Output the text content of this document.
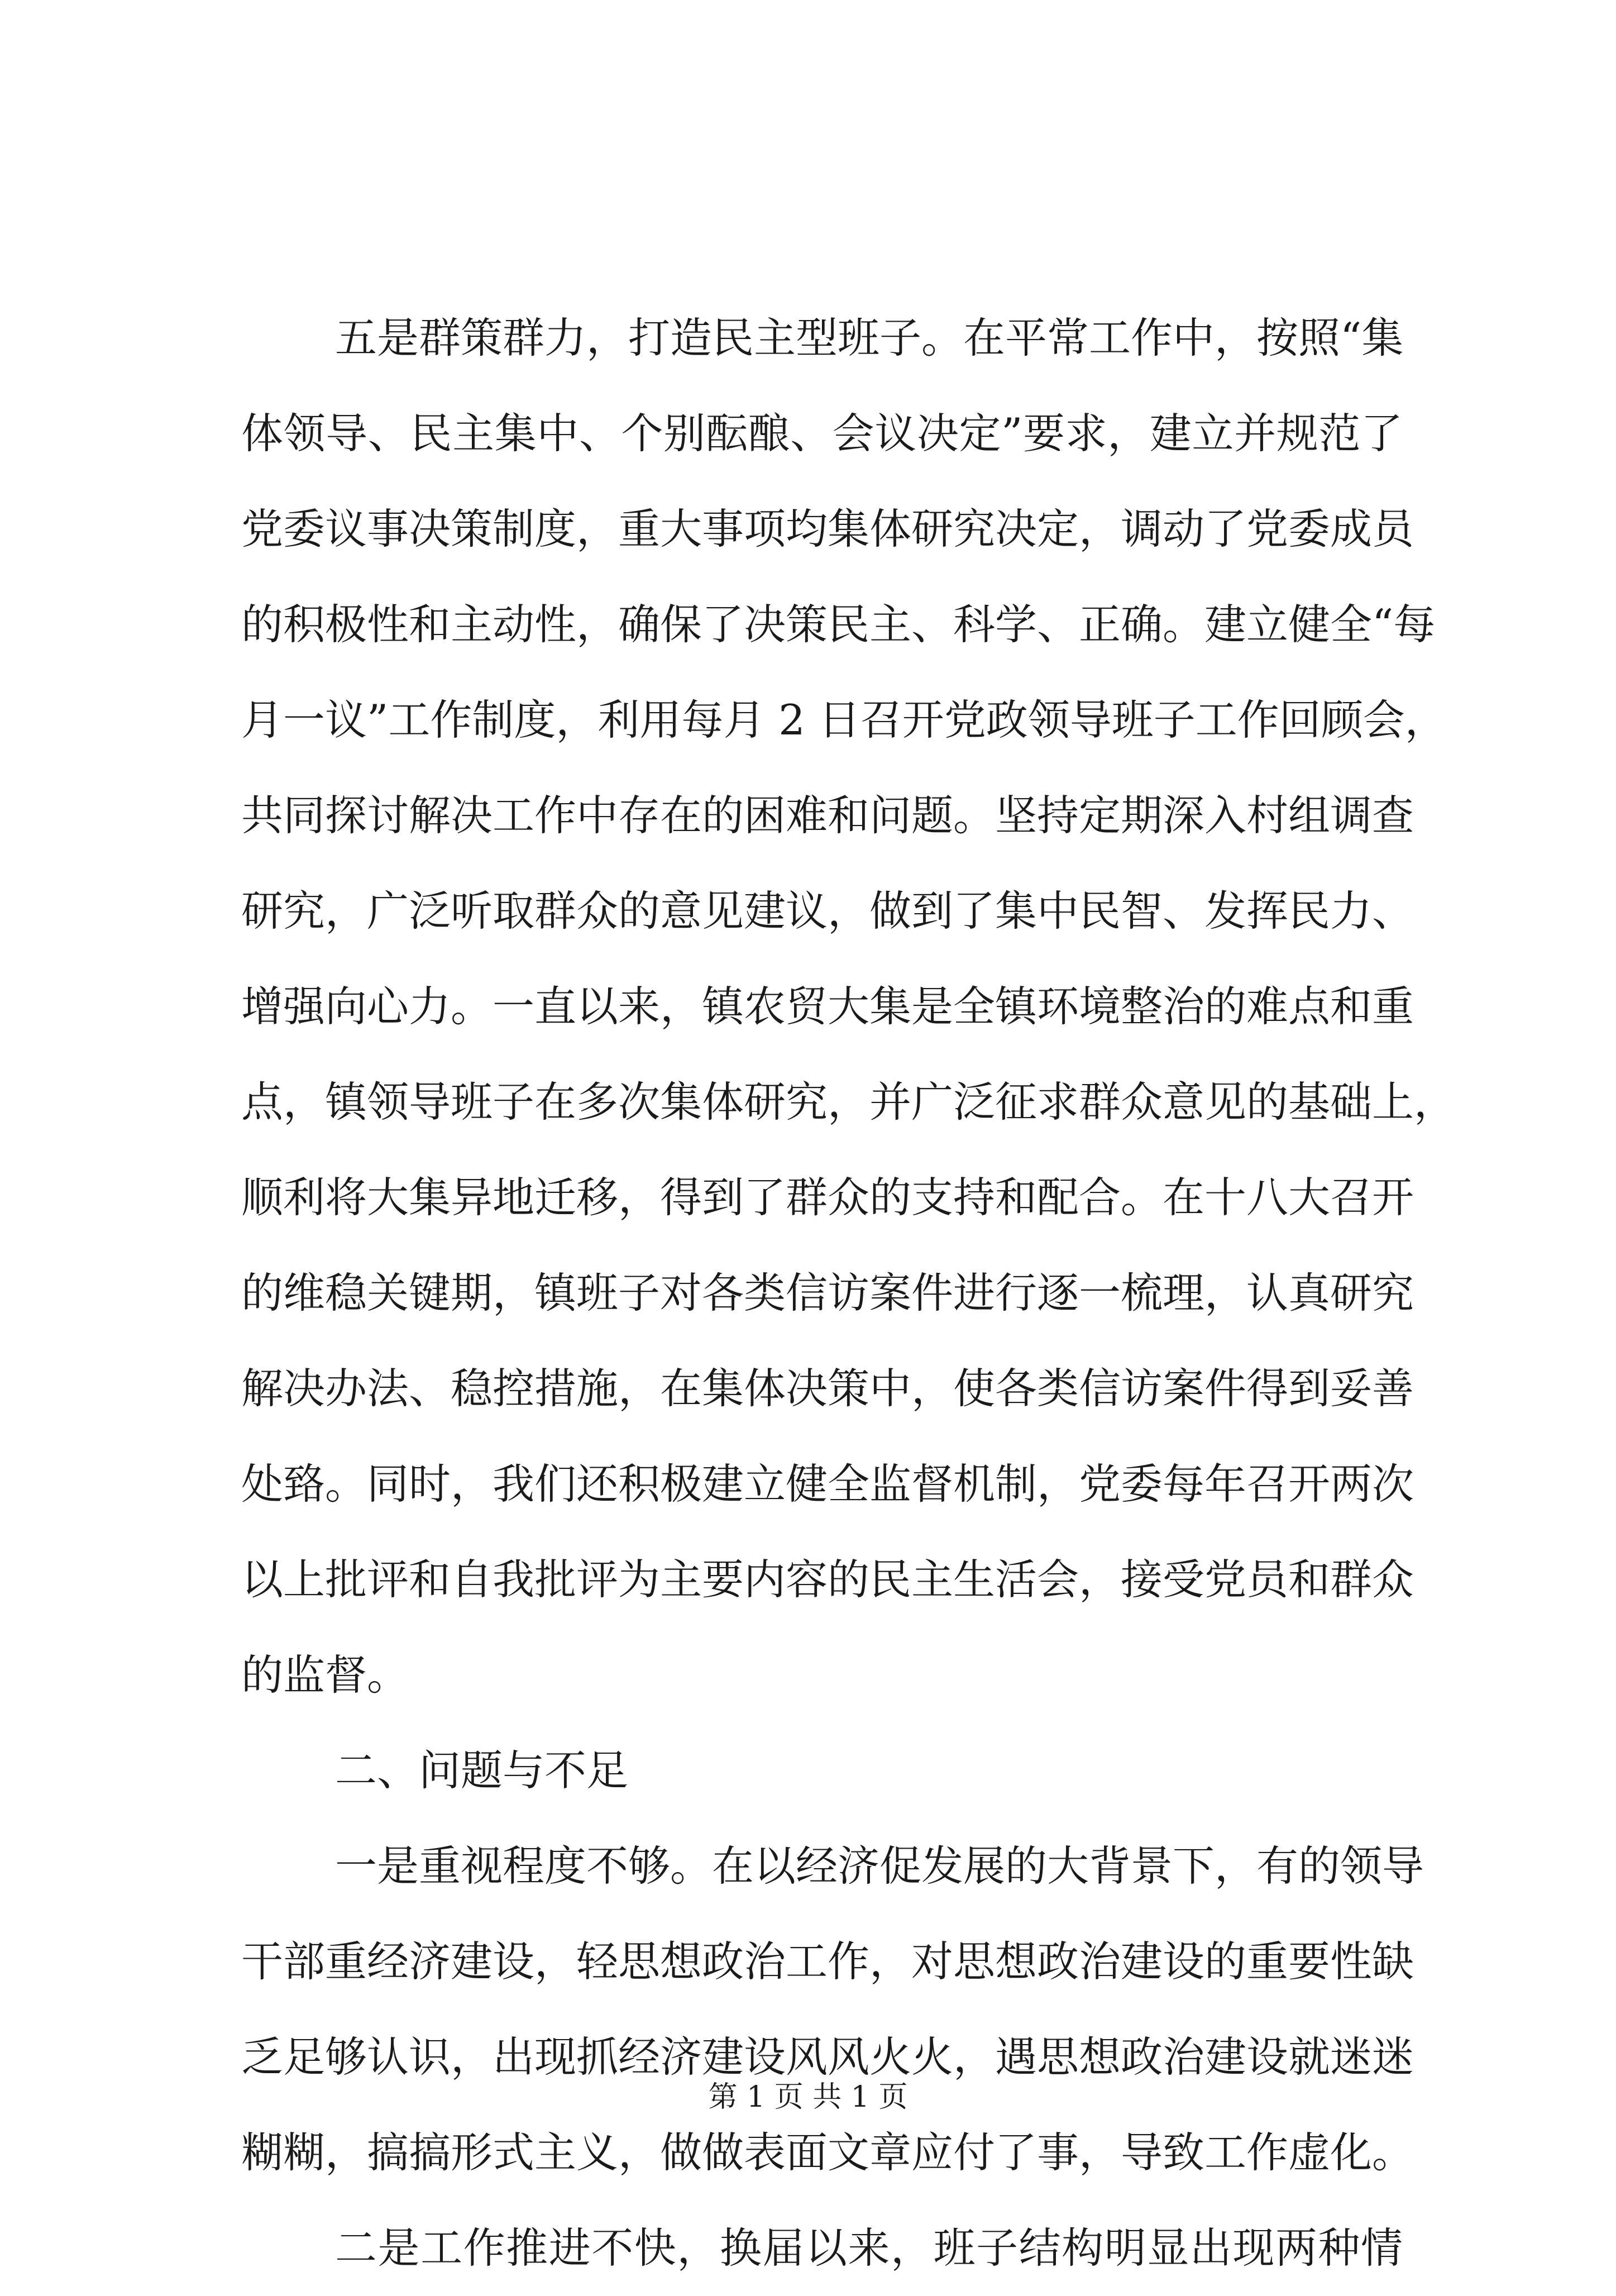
五是群策群力，打造民主型班子。在平常工作中，按照“集
体领导、民主集中、个别酝酿、会议决定”要求，建立并规范了
党委议事决策制度，重大事项均集体研究决定，调动了党委成员
的积极性和主动性，确保了决策民主、科学、正确。建立健全“每
月一议”工作制度，利用每月 2 日召开党政领导班子工作回顾会，
共同探讨解决工作中存在的困难和问题。坚持定期深入村组调查
研究，广泛听取群众的意见建议，做到了集中民智、发挥民力、
增强向心力。一直以来，镇农贸大集是全镇环境整治的难点和重
点，镇领导班子在多次集体研究，并广泛征求群众意见的基础上，
顺利将大集异地迁移，得到了群众的支持和配合。在十八大召开
的维稳关键期，镇班子对各类信访案件进行逐一梳理，认真研究
解决办法、稳控措施，在集体决策中，使各类信访案件得到妥善
处臵。同时，我们还积极建立健全监督机制，党委每年召开两次
以上批评和自我批评为主要内容的民主生活会，接受党员和群众
的监督。
二、问题与不足
一是重视程度不够。在以经济促发展的大背景下，有的领导
干部重经济建设，轻思想政治工作，对思想政治建设的重要性缺
乏足够认识，出现抓经济建设风风火火，遇思想政治建设就迷迷
糊糊，搞搞形式主义，做做表面文章应付了事，导致工作虚化。
二是工作推进不快，换届以来，班子结构明显出现两种情
第 1 页 共 1 页
